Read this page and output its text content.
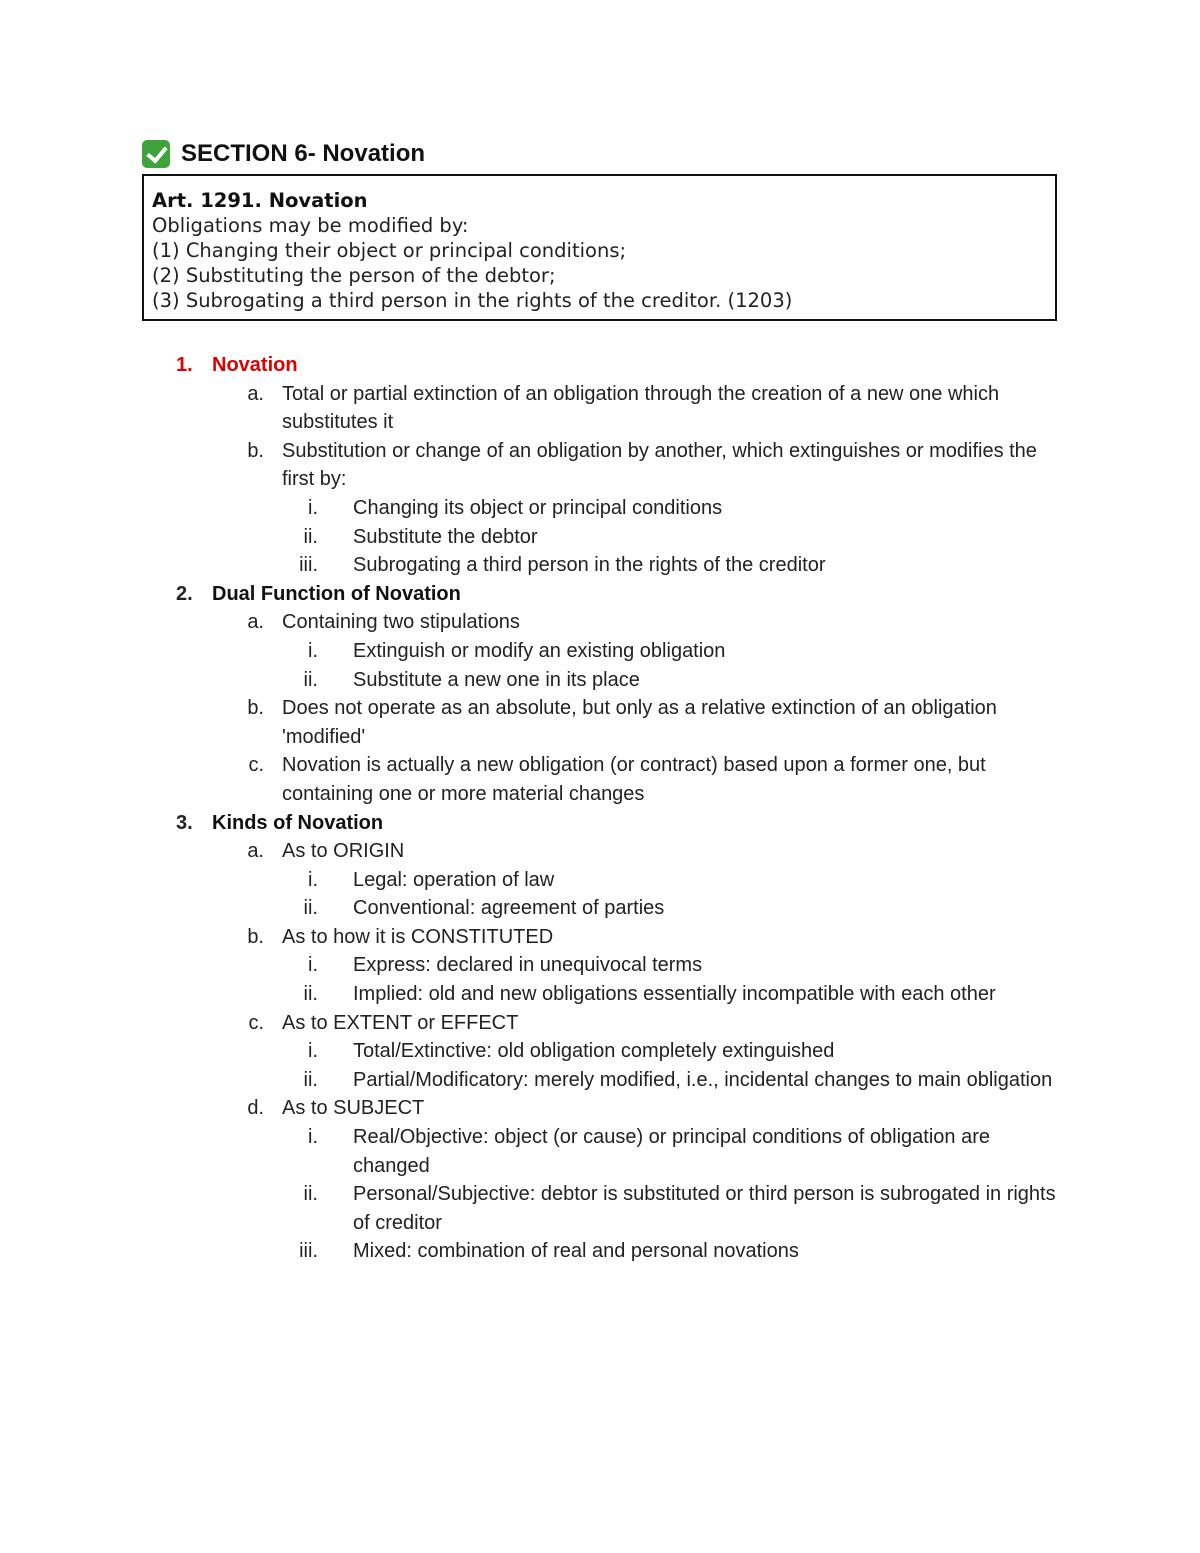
SECTION 6- Novation
Art. 1291. Novation
Obligations may be modified by:
(1) Changing their object or principal conditions;
(2) Substituting the person of the debtor;
(3) Subrogating a third person in the rights of the creditor. (1203)
1. Novation
a. Total or partial extinction of an obligation through the creation of a new one which substitutes it
b. Substitution or change of an obligation by another, which extinguishes or modifies the first by:
i. Changing its object or principal conditions
ii. Substitute the debtor
iii. Subrogating a third person in the rights of the creditor
2. Dual Function of Novation
a. Containing two stipulations
i. Extinguish or modify an existing obligation
ii. Substitute a new one in its place
b. Does not operate as an absolute, but only as a relative extinction of an obligation 'modified'
c. Novation is actually a new obligation (or contract) based upon a former one, but containing one or more material changes
3. Kinds of Novation
a. As to ORIGIN
i. Legal: operation of law
ii. Conventional: agreement of parties
b. As to how it is CONSTITUTED
i. Express: declared in unequivocal terms
ii. Implied: old and new obligations essentially incompatible with each other
c. As to EXTENT or EFFECT
i. Total/Extinctive: old obligation completely extinguished
ii. Partial/Modificatory: merely modified, i.e., incidental changes to main obligation
d. As to SUBJECT
i. Real/Objective: object (or cause) or principal conditions of obligation are changed
ii. Personal/Subjective: debtor is substituted or third person is subrogated in rights of creditor
iii. Mixed: combination of real and personal novations
